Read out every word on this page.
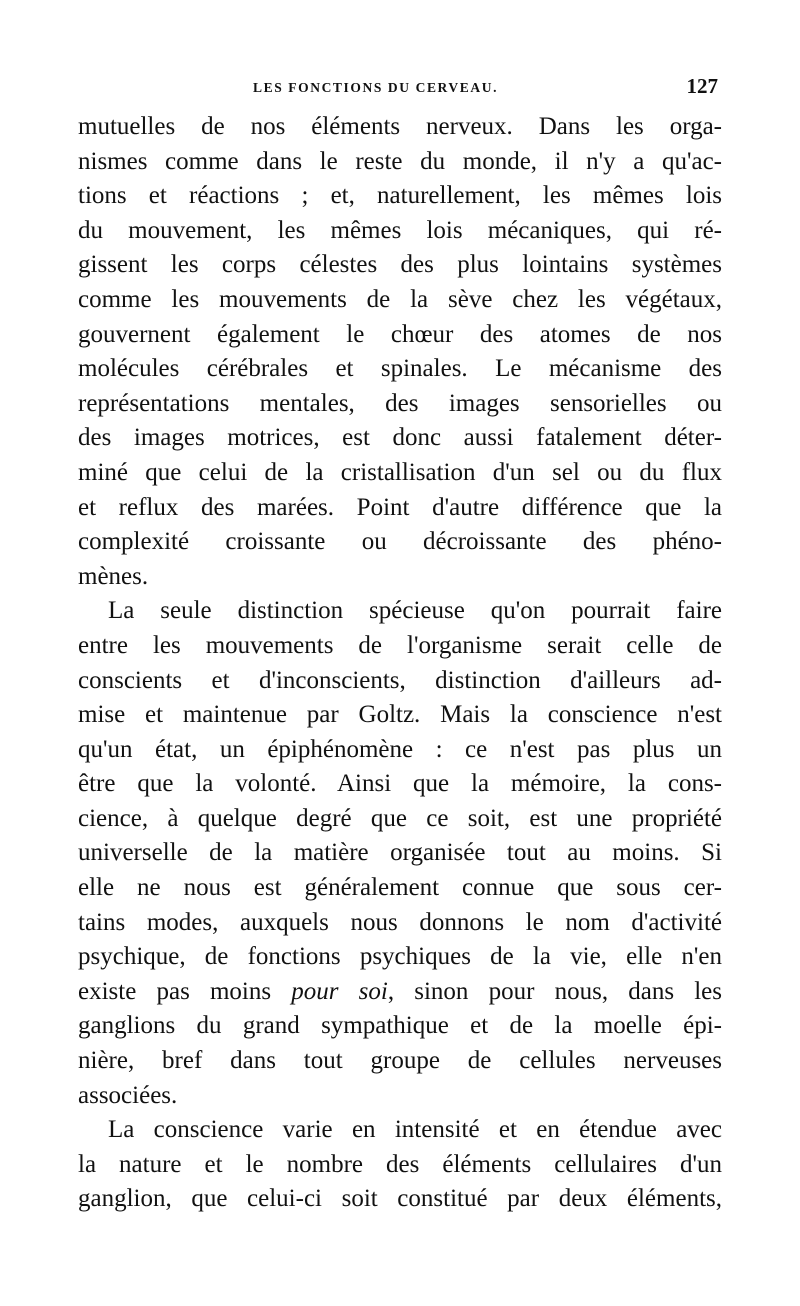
LES FONCTIONS DU CERVEAU.	127
mutuelles de nos éléments nerveux. Dans les orga-
nismes comme dans le reste du monde, il n'y a qu'ac-
tions et réactions ; et, naturellement, les mêmes lois
du mouvement, les mêmes lois mécaniques, qui ré-
gissent les corps célestes des plus lointains systèmes
comme les mouvements de la sève chez les végétaux,
gouvernent également le chœur des atomes de nos
molécules cérébrales et spinales. Le mécanisme des
représentations mentales, des images sensorielles ou
des images motrices, est donc aussi fatalement déter-
miné que celui de la cristallisation d'un sel ou du flux
et reflux des marées. Point d'autre différence que la
complexité croissante ou décroissante des phéno-
mènes.
La seule distinction spécieuse qu'on pourrait faire
entre les mouvements de l'organisme serait celle de
conscients et d'inconscients, distinction d'ailleurs ad-
mise et maintenue par Goltz. Mais la conscience n'est
qu'un état, un épiphénomène : ce n'est pas plus un
être que la volonté. Ainsi que la mémoire, la cons-
cience, à quelque degré que ce soit, est une propriété
universelle de la matière organisée tout au moins. Si
elle ne nous est généralement connue que sous cer-
tains modes, auxquels nous donnons le nom d'activité
psychique, de fonctions psychiques de la vie, elle n'en
existe pas moins pour soi, sinon pour nous, dans les
ganglions du grand sympathique et de la moelle épi-
nière, bref dans tout groupe de cellules nerveuses
associées.
La conscience varie en intensité et en étendue avec
la nature et le nombre des éléments cellulaires d'un
ganglion, que celui-ci soit constitué par deux éléments,
